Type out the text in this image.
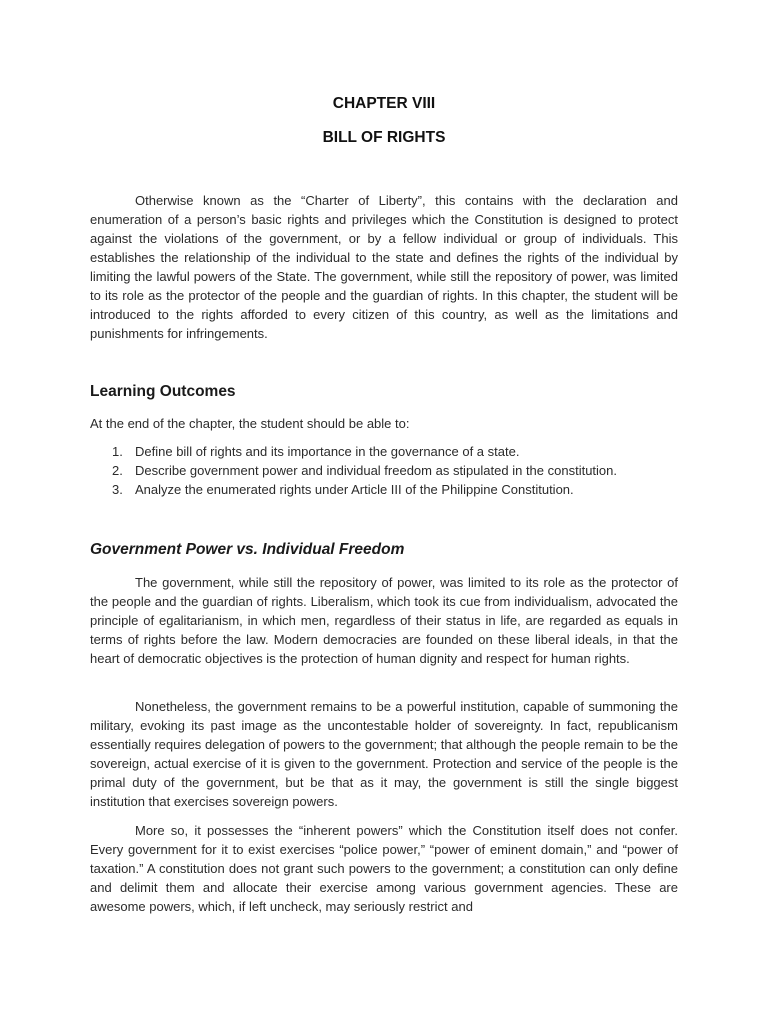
CHAPTER VIII
BILL OF RIGHTS

Otherwise known as the “Charter of Liberty”, this contains with the declaration and enumeration of a person’s basic rights and privileges which the Constitution is designed to protect against the violations of the government, or by a fellow individual or group of individuals. This establishes the relationship of the individual to the state and defines the rights of the individual by limiting the lawful powers of the State. The government, while still the repository of power, was limited to its role as the protector of the people and the guardian of rights. In this chapter, the student will be introduced to the rights afforded to every citizen of this country, as well as the limitations and punishments for infringements.

Learning Outcomes

At the end of the chapter, the student should be able to:

1. Define bill of rights and its importance in the governance of a state.
2. Describe government power and individual freedom as stipulated in the constitution.
3. Analyze the enumerated rights under Article III of the Philippine Constitution.
Government Power vs. Individual Freedom

The government, while still the repository of power, was limited to its role as the protector of the people and the guardian of rights. Liberalism, which took its cue from individualism, advocated the principle of egalitarianism, in which men, regardless of their status in life, are regarded as equals in terms of rights before the law. Modern democracies are founded on these liberal ideals, in that the heart of democratic objectives is the protection of human dignity and respect for human rights.

Nonetheless, the government remains to be a powerful institution, capable of summoning the military, evoking its past image as the uncontestable holder of sovereignty. In fact, republicanism essentially requires delegation of powers to the government; that although the people remain to be the sovereign, actual exercise of it is given to the government. Protection and service of the people is the primal duty of the government, but be that as it may, the government is still the single biggest institution that exercises sovereign powers.

More so, it possesses the “inherent powers” which the Constitution itself does not confer. Every government for it to exist exercises “police power,” “power of eminent domain,” and “power of taxation.” A constitution does not grant such powers to the government; a constitution can only define and delimit them and allocate their exercise among various government agencies. These are awesome powers, which, if left uncheck, may seriously restrict and
